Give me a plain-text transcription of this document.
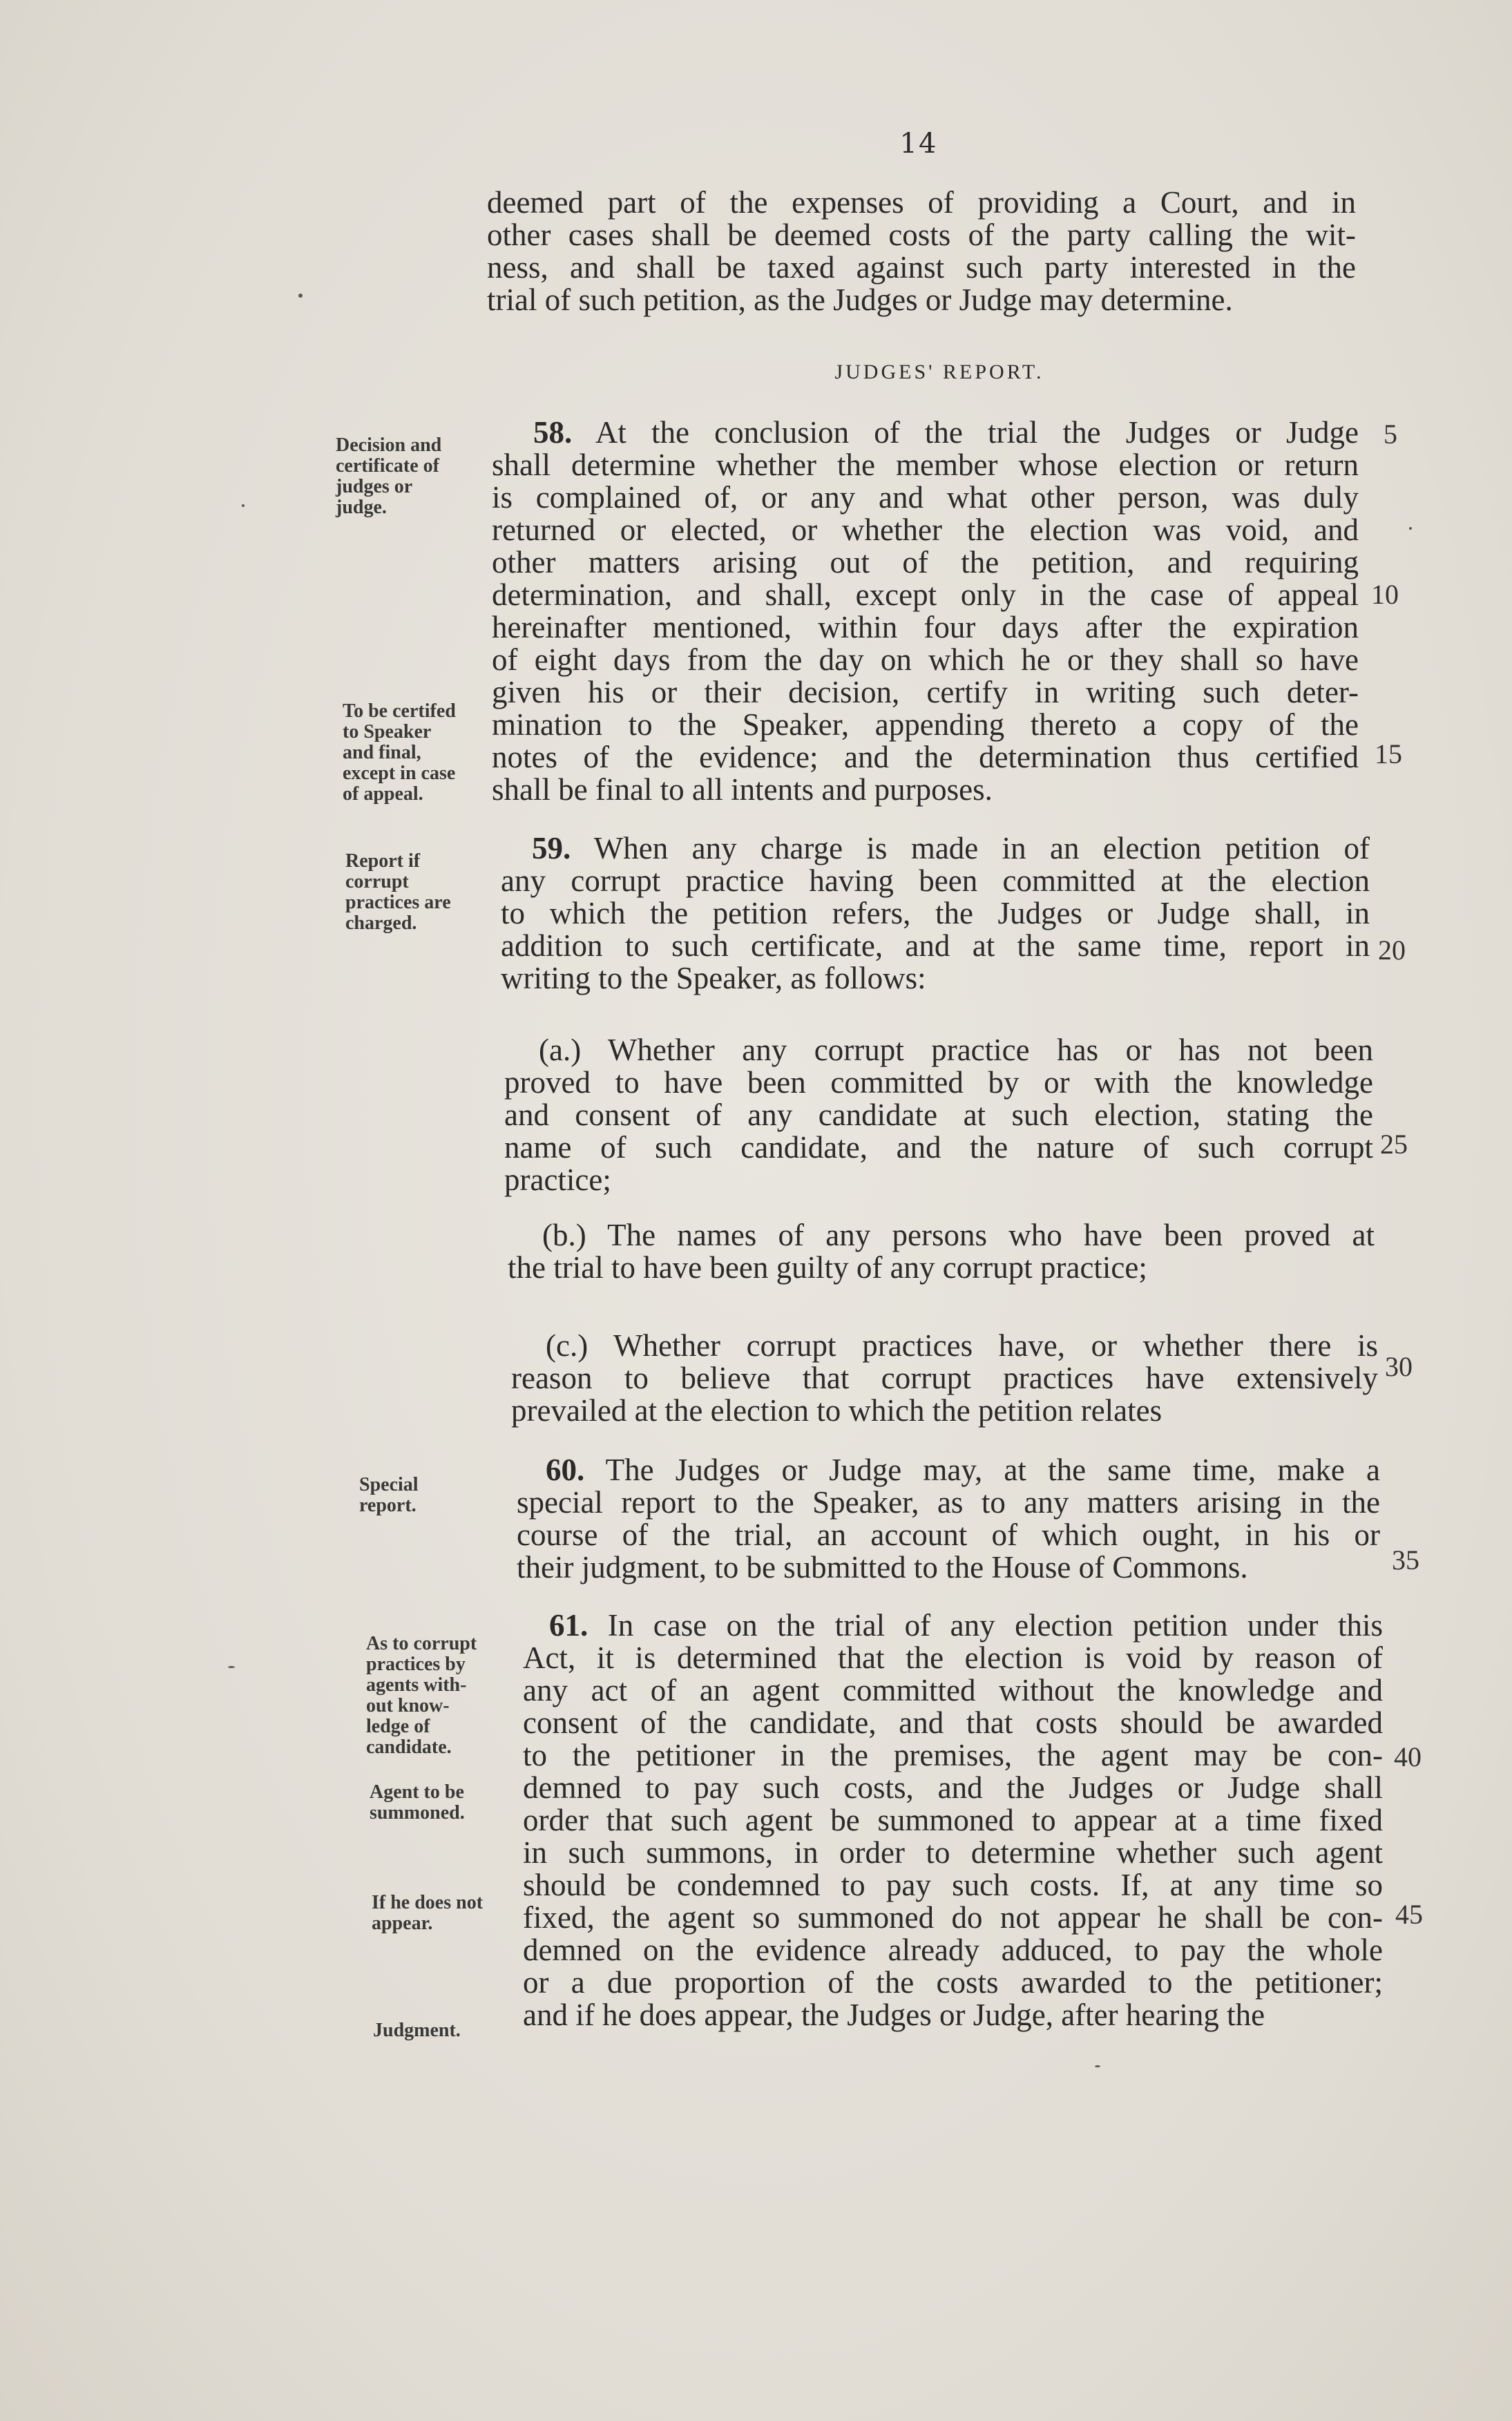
14
deemed part of the expenses of providing a Court, and in
other cases shall be deemed costs of the party calling the wit-
ness, and shall be taxed against such party interested in the
trial of such petition, as the Judges or Judge may determine.
JUDGES' REPORT.
58. At the conclusion of the trial the Judges or Judge
shall determine whether the member whose election or return
is complained of, or any and what other person, was duly
returned or elected, or whether the election was void, and
other matters arising out of the petition, and requiring
determination, and shall, except only in the case of appeal
hereinafter mentioned, within four days after the expiration
of eight days from the day on which he or they shall so have
given his or their decision, certify in writing such deter-
mination to the Speaker, appending thereto a copy of the
notes of the evidence; and the determination thus certified
shall be final to all intents and purposes.
59. When any charge is made in an election petition of
any corrupt practice having been committed at the election
to which the petition refers, the Judges or Judge shall, in
addition to such certificate, and at the same time, report in
writing to the Speaker, as follows:
(a.) Whether any corrupt practice has or has not been
proved to have been committed by or with the knowledge
and consent of any candidate at such election, stating the
name of such candidate, and the nature of such corrupt
practice;
(b.) The names of any persons who have been proved at
the trial to have been guilty of any corrupt practice;
(c.) Whether corrupt practices have, or whether there is
reason to believe that corrupt practices have extensively
prevailed at the election to which the petition relates
60. The Judges or Judge may, at the same time, make a
special report to the Speaker, as to any matters arising in the
course of the trial, an account of which ought, in his or
their judgment, to be submitted to the House of Commons.
61. In case on the trial of any election petition under this
Act, it is determined that the election is void by reason of
any act of an agent committed without the knowledge and
consent of the candidate, and that costs should be awarded
to the petitioner in the premises, the agent may be con-
demned to pay such costs, and the Judges or Judge shall
order that such agent be summoned to appear at a time fixed
in such summons, in order to determine whether such agent
should be condemned to pay such costs. If, at any time so
fixed, the agent so summoned do not appear he shall be con-
demned on the evidence already adduced, to pay the whole
or a due proportion of the costs awarded to the petitioner;
and if he does appear, the Judges or Judge, after hearing the
Decision and
certificate of
judges or
judge.
To be certifed
to Speaker
and final,
except in case
of appeal.
Report if
corrupt
practices are
charged.
Special
report.
As to corrupt
practices by
agents with-
out know-
ledge of
candidate.
Agent to be
summoned.
If he does not
appear.
Judgment.
5
10
15
20
25
30
35
40
45
